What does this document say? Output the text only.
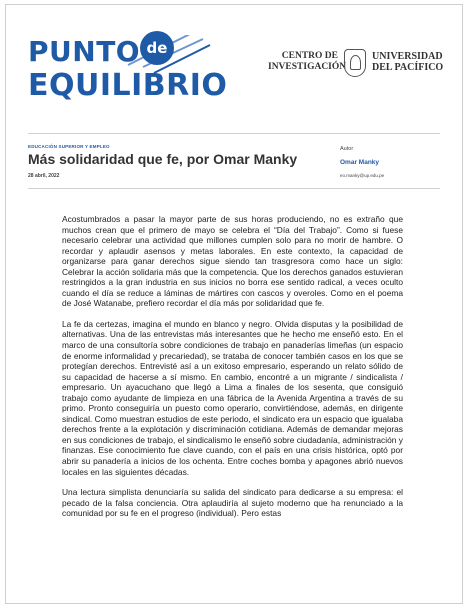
PUNTO de
EQUILIBRIO
CENTRO DE INVESTIGACIÓN
UNIVERSIDAD DEL PACÍFICO
EDUCACIÓN SUPERIOR Y EMPLEO
Más solidaridad que fe, por Omar Manky
28 abril, 2022
Autor
Omar Manky
eo.manky@up.edu.pe

Acostumbrados a pasar la mayor parte de sus horas produciendo, no es extraño que muchos crean que el primero de mayo se celebra el “Día del Trabajo”. Como si fuese necesario celebrar una actividad que millones cumplen solo para no morir de hambre. O recordar y aplaudir asensos y metas laborales. En este contexto, la capacidad de organizarse para ganar derechos sigue siendo tan trasgresora como hace un siglo: Celebrar la acción solidaria más que la competencia. Que los derechos ganados estuvieran restringidos a la gran industria en sus inicios no borra ese sentido radical, a veces oculto cuando el día se reduce a láminas de mártires con cascos y overoles. Como en el poema de José Watanabe, prefiero recordar el día más por solidaridad que fe.

La fe da certezas, imagina el mundo en blanco y negro. Olvida disputas y la posibilidad de alternativas. Una de las entrevistas más interesantes que he hecho me enseñó esto. En el marco de una consultoría sobre condiciones de trabajo en panaderías limeñas (un espacio de enorme informalidad y precariedad), se trataba de conocer también casos en los que se protegían derechos. Entrevisté así a un exitoso empresario, esperando un relato sólido de su capacidad de hacerse a sí mismo. En cambio, encontré a un migrante / sindicalista / empresario. Un ayacuchano que llegó a Lima a finales de los sesenta, que consiguió trabajo como ayudante de limpieza en una fábrica de la Avenida Argentina a través de su primo. Pronto conseguiría un puesto como operario, convirtiéndose, además, en dirigente sindical. Como muestran estudios de este periodo, el sindicato era un espacio que igualaba derechos frente a la explotación y discriminación cotidiana. Además de demandar mejoras en sus condiciones de trabajo, el sindicalismo le enseñó sobre ciudadanía, administración y finanzas. Ese conocimiento fue clave cuando, con el país en una crisis histórica, optó por abrir su panadería a inicios de los ochenta. Entre coches bomba y apagones abrió nuevos locales en las siguientes décadas.

Una lectura simplista denunciaría su salida del sindicato para dedicarse a su empresa: el pecado de la falsa conciencia. Otra aplaudiría al sujeto moderno que ha renunciado a la comunidad por su fe en el progreso (individual). Pero estas
